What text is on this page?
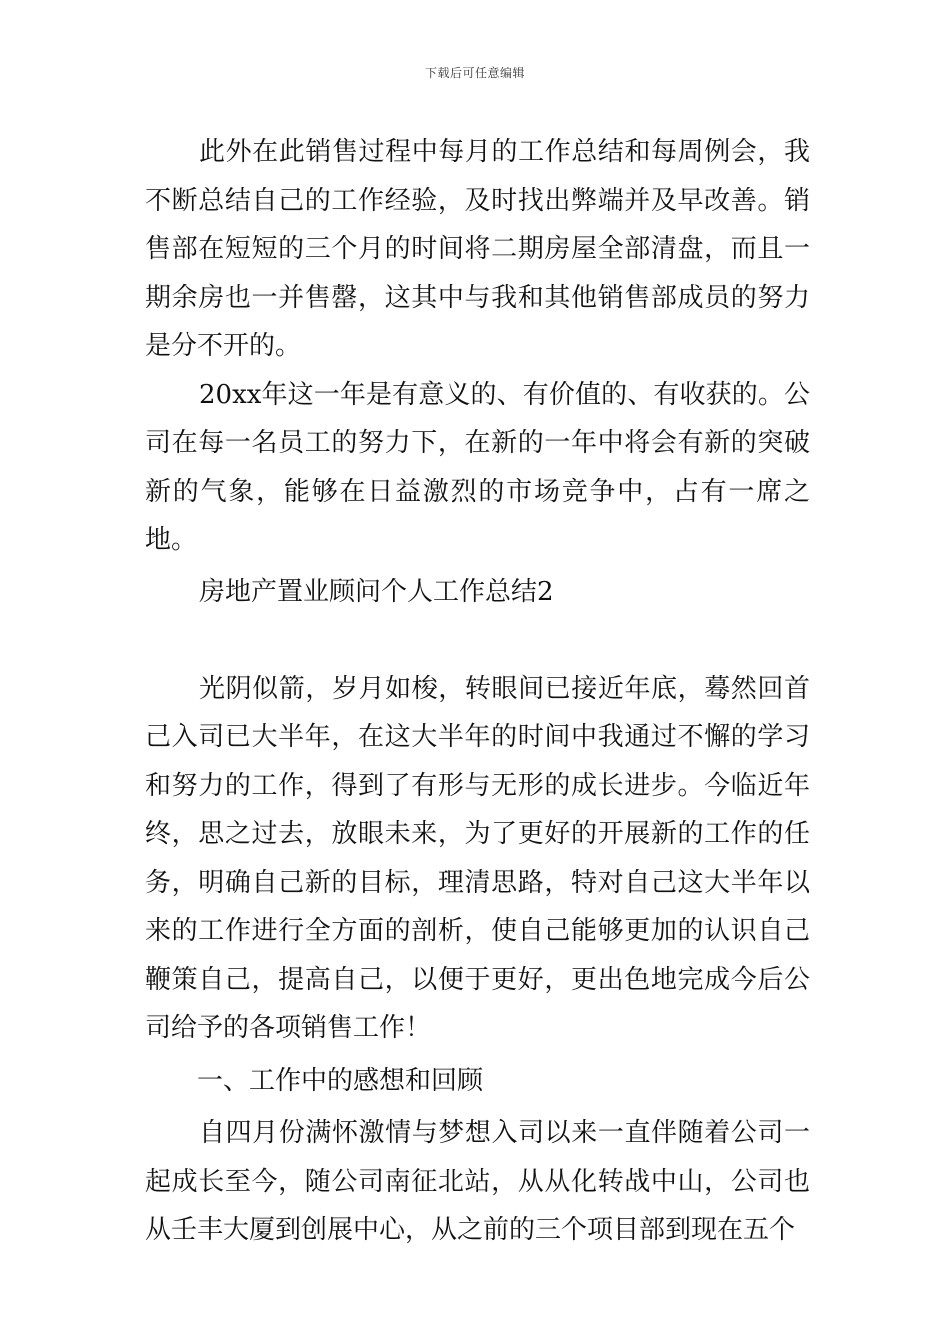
下载后可任意编辑

此外在此销售过程中每月的工作总结和每周例会，我不断总结自己的工作经验，及时找出弊端并及早改善。销售部在短短的三个月的时间将二期房屋全部清盘，而且一期余房也一并售罄，这其中与我和其他销售部成员的努力是分不开的。

20xx年这一年是有意义的、有价值的、有收获的。公司在每一名员工的努力下，在新的一年中将会有新的突破新的气象，能够在日益激烈的市场竞争中，占有一席之地。

房地产置业顾问个人工作总结2

光阴似箭，岁月如梭，转眼间已接近年底，蓦然回首己入司已大半年，在这大半年的时间中我通过不懈的学习和努力的工作，得到了有形与无形的成长进步。今临近年终，思之过去，放眼未来，为了更好的开展新的工作的任务，明确自己新的目标，理清思路，特对自己这大半年以来的工作进行全方面的剖析，使自己能够更加的认识自己鞭策自己，提高自己，以便于更好，更出色地完成今后公司给予的各项销售工作！

一、工作中的感想和回顾

自四月份满怀激情与梦想入司以来一直伴随着公司一起成长至今，随公司南征北站，从从化转战中山，公司也从壬丰大厦到创展中心，从之前的三个项目部到现在五个
